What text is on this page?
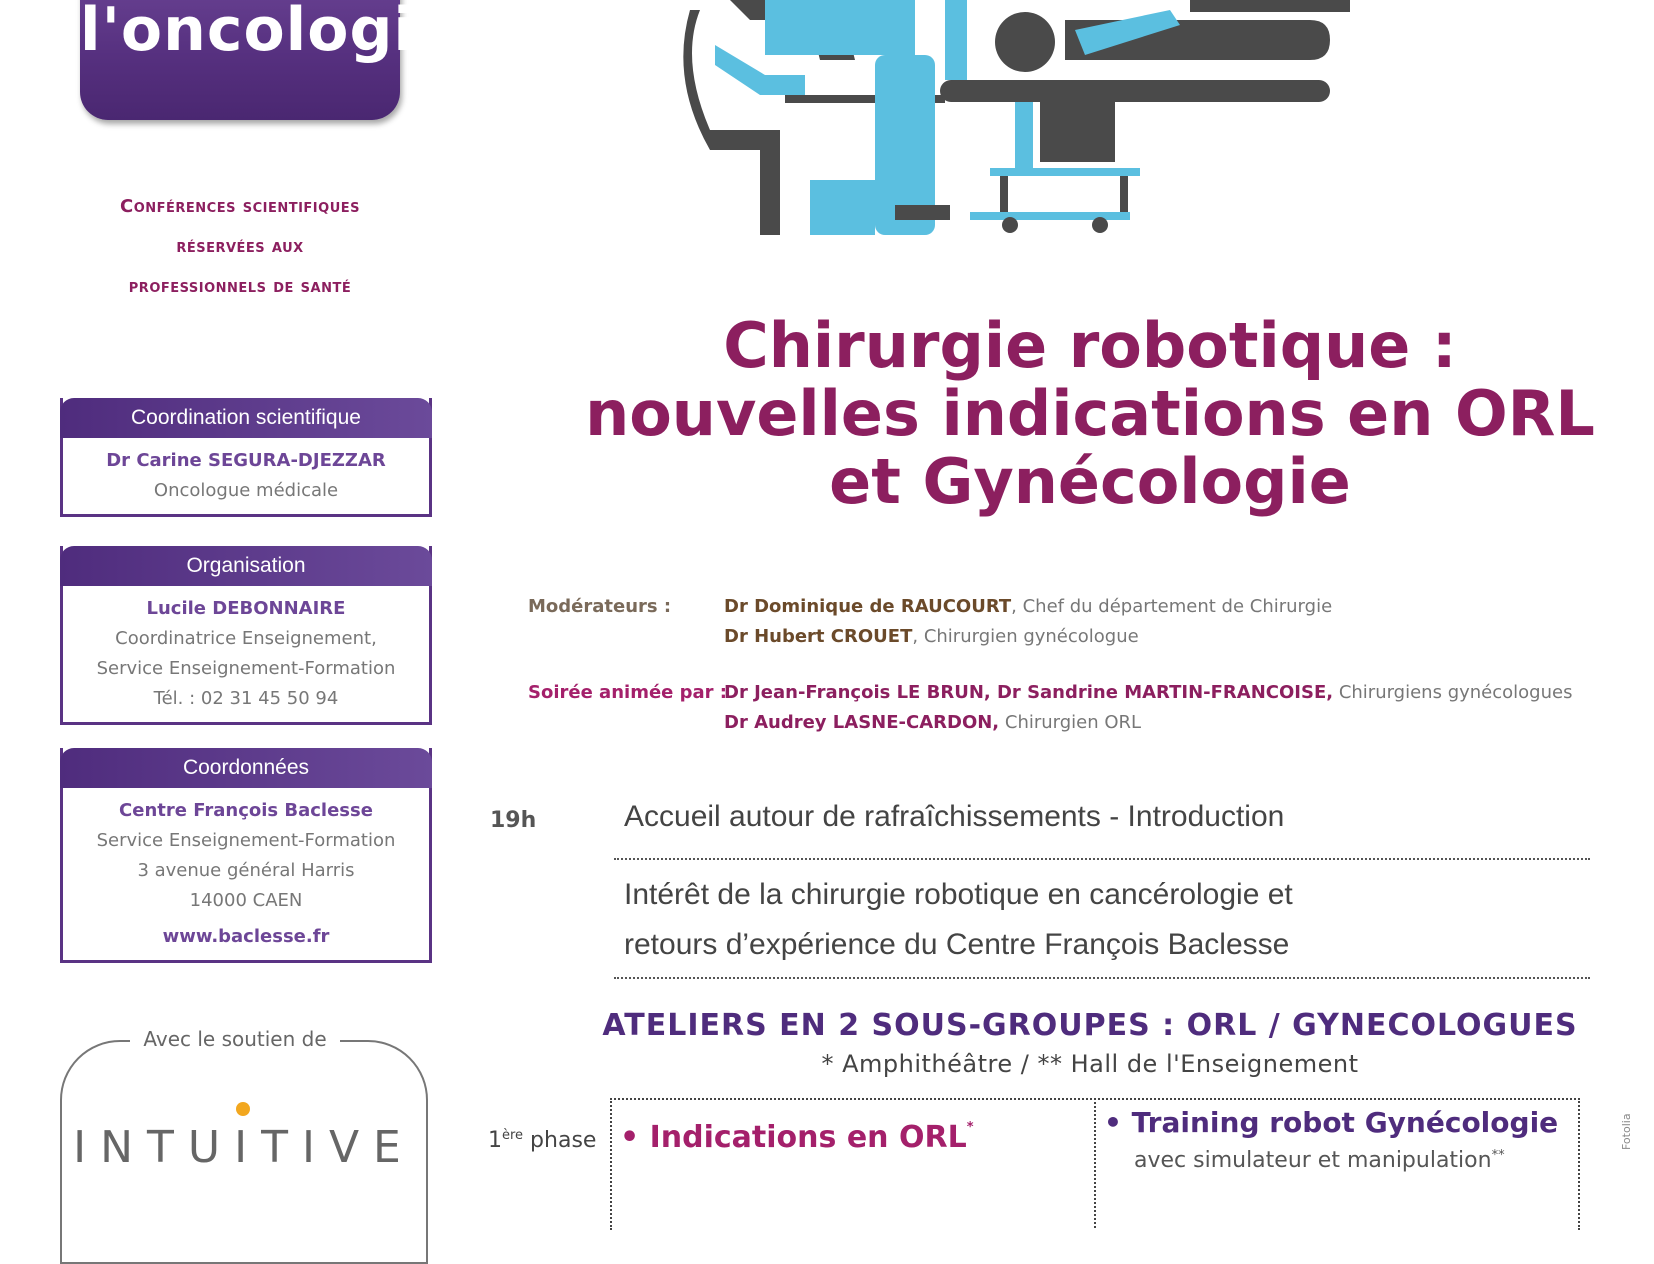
l'oncologie
Conférences scientifiques
réservées aux
professionnels de santé
Coordination scientifique
Dr Carine SEGURA-DJEZZAR
Oncologue médicale
Organisation
Lucile DEBONNAIRE
Coordinatrice Enseignement,
Service Enseignement-Formation
Tél. : 02 31 45 50 94
Coordonnées
Centre François Baclesse
Service Enseignement-Formation
3 avenue général Harris
14000 CAEN
www.baclesse.fr
Avec le soutien de
INTUITIVE
Chirurgie robotique :
nouvelles indications en ORL
et Gynécologie
Modérateurs :	Dr Dominique de RAUCOURT, Chef du département de Chirurgie
Dr Hubert CROUET, Chirurgien gynécologue
Soirée animée par :
Dr Jean-François LE BRUN, Dr Sandrine MARTIN-FRANCOISE, Chirurgiens gynécologues
Dr Audrey LASNE-CARDON, Chirurgien ORL
19h	Accueil autour de rafraîchissements - Introduction
Intérêt de la chirurgie robotique en cancérologie et
retours d’expérience du Centre François Baclesse
ATELIERS EN 2 SOUS-GROUPES : ORL / GYNECOLOGUES
* Amphithéâtre / ** Hall de l'Enseignement
1ère phase • Indications en ORL*	• Training robot Gynécologie
avec simulateur et manipulation**
Fotolia
